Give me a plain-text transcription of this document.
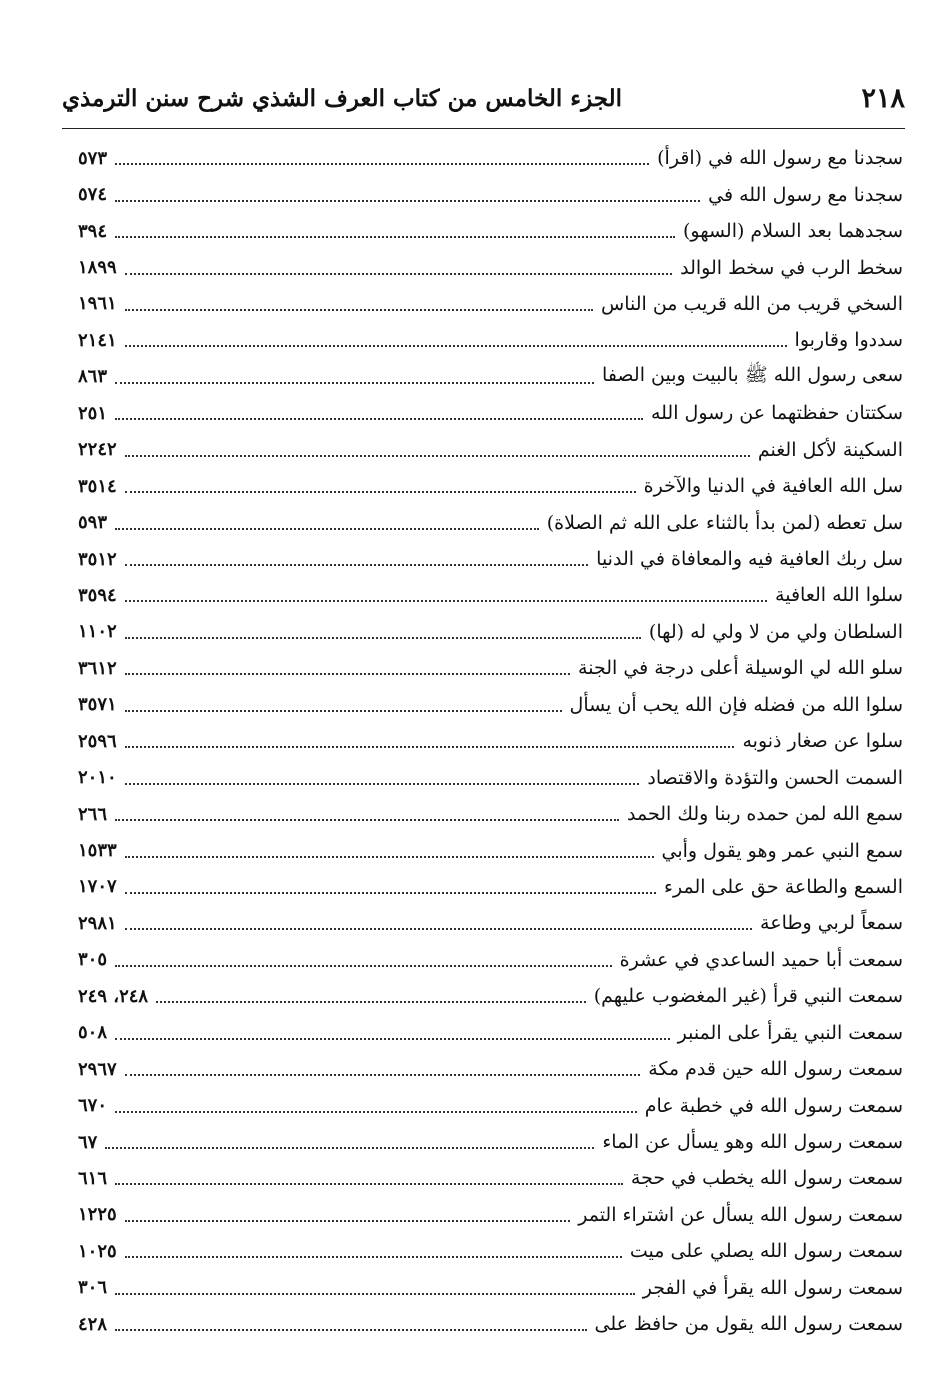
٢١٨
الجزء الخامس من كتاب العرف الشذي شرح سنن الترمذي
سجدنا مع رسول الله في (اقرأ)
٥٧٣
سجدنا مع رسول الله في
٥٧٤
سجدهما بعد السلام (السهو)
٣٩٤
سخط الرب في سخط الوالد
١٨٩٩
السخي قريب من الله قريب من الناس
١٩٦١
سددوا وقاربوا
٢١٤١
سعى رسول الله ﷺ بالبيت وبين الصفا
٨٦٣
سكتتان حفظتهما عن رسول الله
٢٥١
السكينة لأكل الغنم
٢٢٤٢
سل الله العافية في الدنيا والآخرة
٣٥١٤
سل تعطه (لمن بدأ بالثناء على الله ثم الصلاة)
٥٩٣
سل ربك العافية فيه والمعافاة في الدنيا
٣٥١٢
سلوا الله العافية
٣٥٩٤
السلطان ولي من لا ولي له (لها)
١١٠٢
سلو الله لي الوسيلة أعلى درجة في الجنة
٣٦١٢
سلوا الله من فضله فإن الله يحب أن يسأل
٣٥٧١
سلوا عن صغار ذنوبه
٢٥٩٦
السمت الحسن والتؤدة والاقتصاد
٢٠١٠
سمع الله لمن حمده ربنا ولك الحمد
٢٦٦
سمع النبي عمر وهو يقول وأبي
١٥٣٣
السمع والطاعة حق على المرء
١٧٠٧
سمعاً لربي وطاعة
٢٩٨١
سمعت أبا حميد الساعدي في عشرة
٣٠٥
سمعت النبي قرأ (غير المغضوب عليهم)
٢٤٨، ٢٤٩
سمعت النبي يقرأ على المنبر
٥٠٨
سمعت رسول الله حين قدم مكة
٢٩٦٧
سمعت رسول الله في خطبة عام
٦٧٠
سمعت رسول الله وهو يسأل عن الماء
٦٧
سمعت رسول الله يخطب في حجة
٦١٦
سمعت رسول الله يسأل عن اشتراء التمر
١٢٢٥
سمعت رسول الله يصلي على ميت
١٠٢٥
سمعت رسول الله يقرأ في الفجر
٣٠٦
سمعت رسول الله يقول من حافظ على
٤٢٨
